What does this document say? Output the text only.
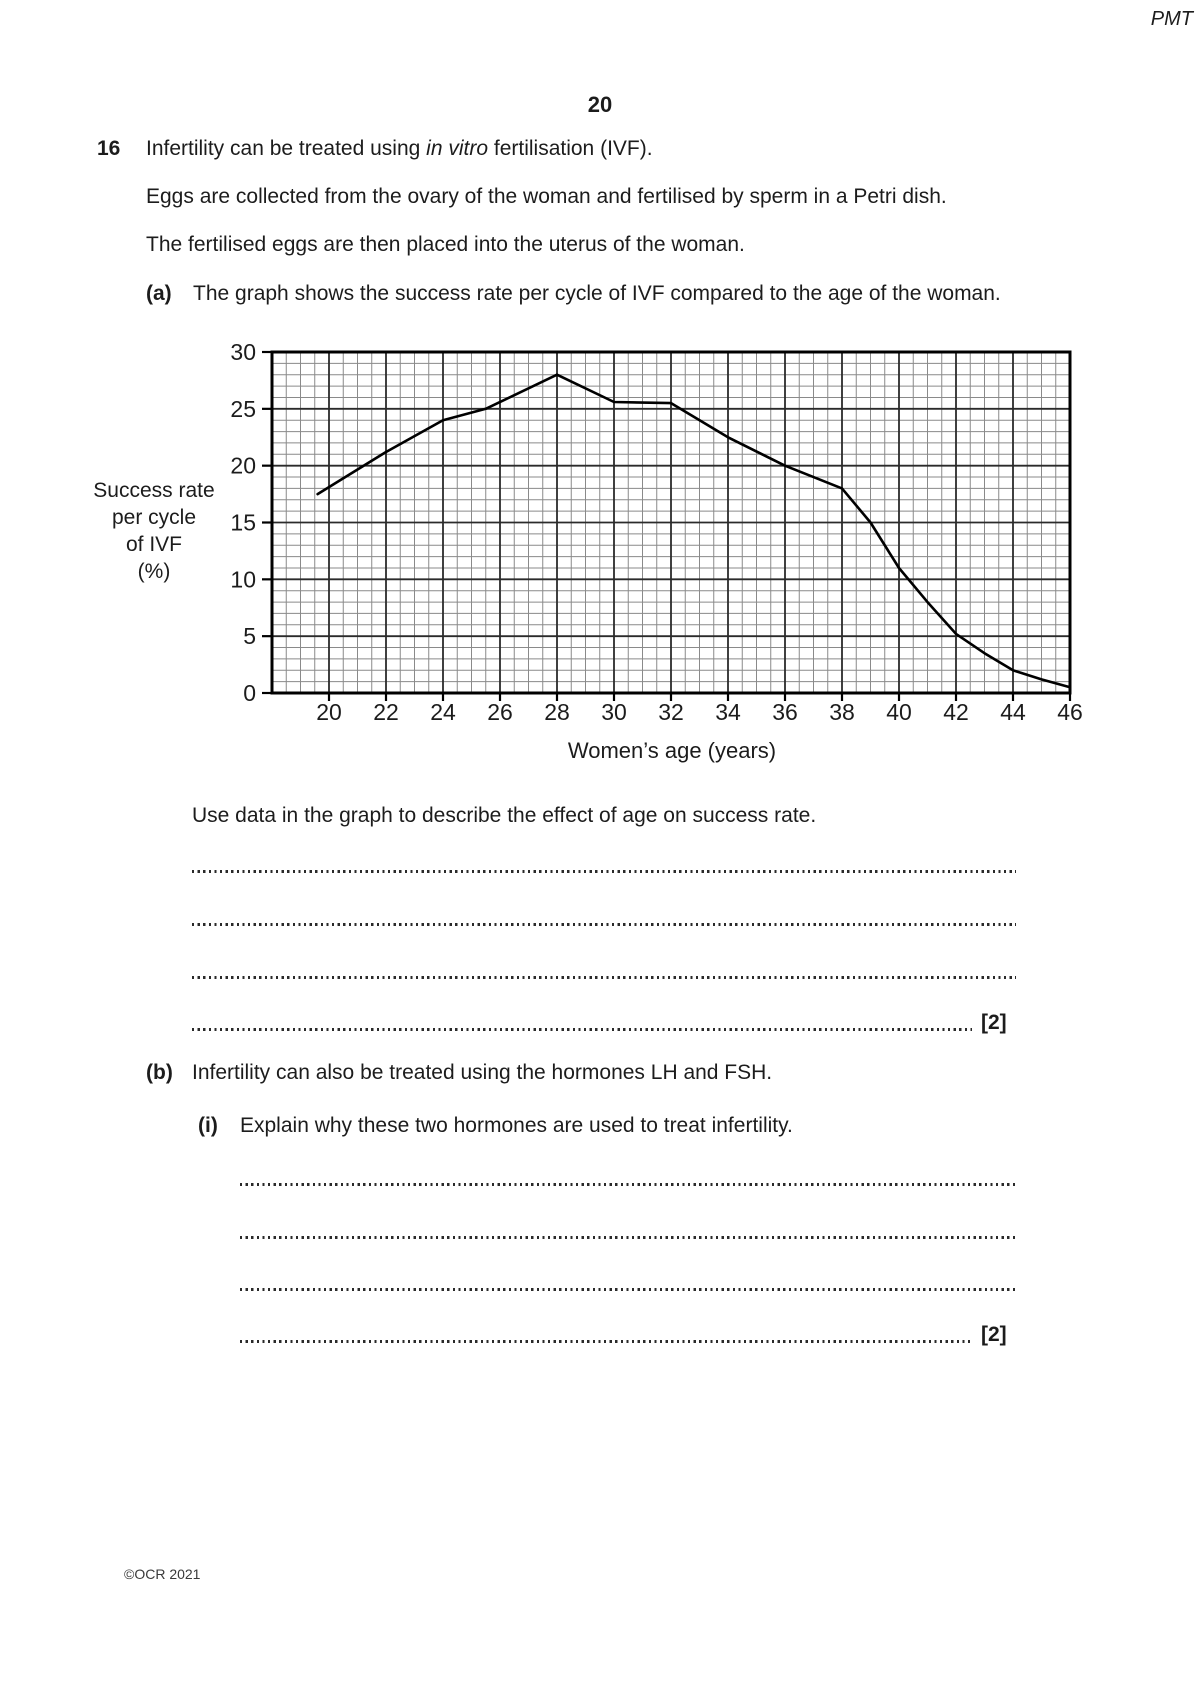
PMT
20
16 Infertility can be treated using in vitro fertilisation (IVF).
Eggs are collected from the ovary of the woman and fertilised by sperm in a Petri dish.
The fertilised eggs are then placed into the uterus of the woman.
(a) The graph shows the success rate per cycle of IVF compared to the age of the woman.
Success rate
per cycle
of IVF
(%)
0
5
10
15
20
25
30
20 22 24 26 28 30 32 34 36 38 40 42 44 46
Women’s age (years)
Use data in the graph to describe the effect of age on success rate.
[2]
(b) Infertility can also be treated using the hormones LH and FSH.
(i) Explain why these two hormones are used to treat infertility.
[2]
©OCR 2021
